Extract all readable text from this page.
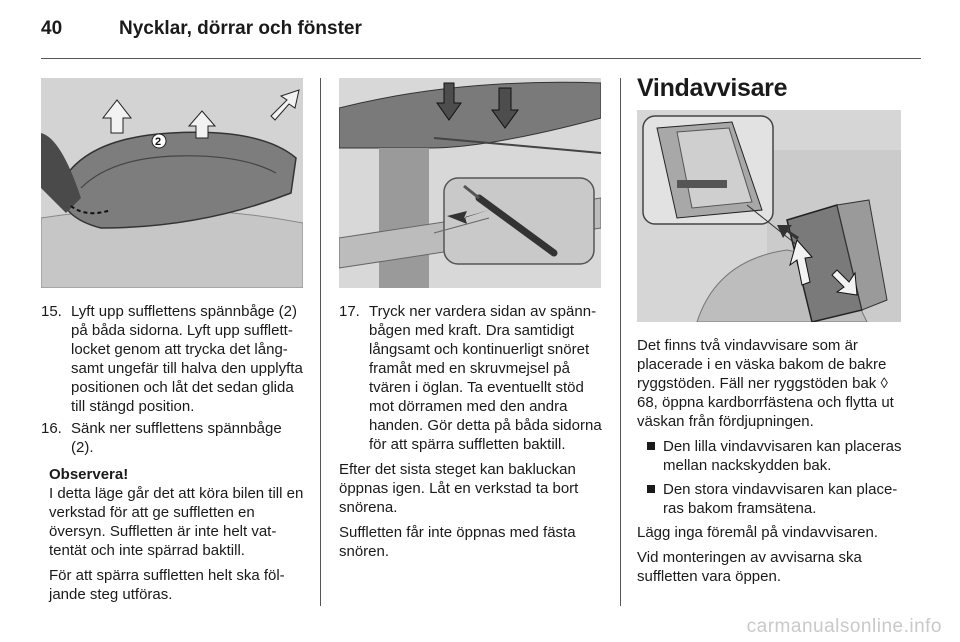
40	Nycklar, dörrar och fönster
2
15. Lyft upp sufflettens spännbåge (2) på båda sidorna. Lyft upp sufflettlocket genom att trycka det långsamt ungefär till halva den upplyfta positionen och låt det sedan glida till stängd position.
16. Sänk ner sufflettens spännbåge (2).
Observera!

I detta läge går det att köra bilen till en verkstad för att ge suffletten en översyn. Suffletten är inte helt vattentät och inte spärrad baktill.

För att spärra suffletten helt ska följande steg utföras.

17. Tryck ner vardera sidan av spännbågen med kraft. Dra samtidigt långsamt och kontinuerligt snöret framåt med en skruvmejsel på tvären i öglan. Ta eventuellt stöd mot dörramen med den andra handen. Gör detta på båda sidorna för att spärra suffletten baktill.

Efter det sista steget kan bakluckan öppnas igen. Låt en verkstad ta bort snörena.

Suffletten får inte öppnas med fästa snören.

Vindavvisare

Det finns två vindavvisare som är placerade i en väska bakom de bakre ryggstöden. Fäll ner ryggstöden bak ◊ 68, öppna kardborrfästena och flytta ut väskan från fördjupningen.

Den lilla vindavvisaren kan placeras mellan nackskydden bak.
Den stora vindavvisaren kan placeras bakom framsätena.

Lägg inga föremål på vindavvisaren.

Vid monteringen av avvisarna ska suffletten vara öppen.

carmanualsonline.info
